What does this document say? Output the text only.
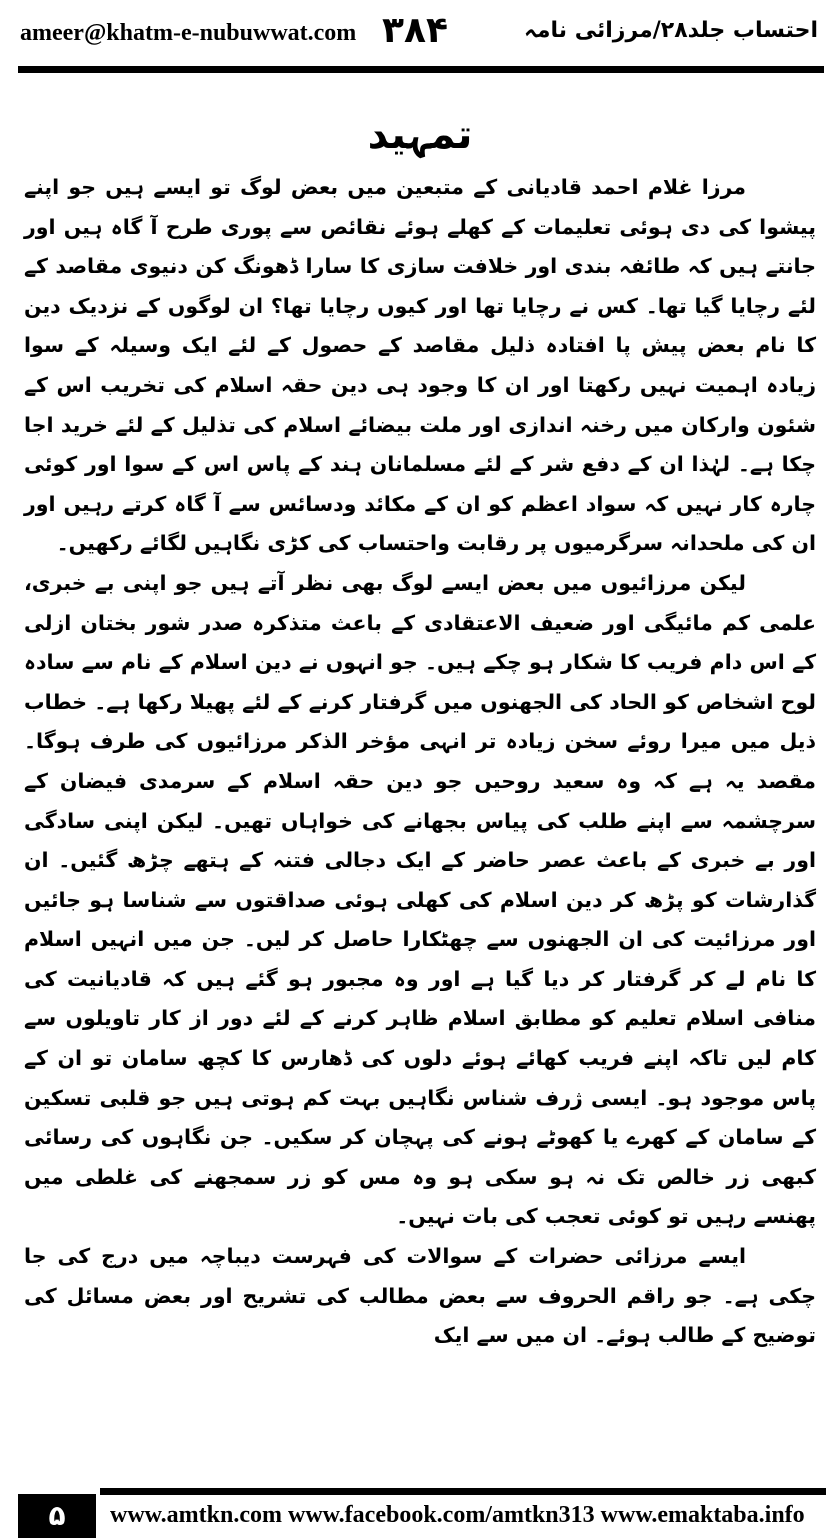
ameer@khatm-e-nubuwwat.com ۳۸۴	احتساب جلد۲۸/مرزائی نامہ
تمہید

مرزا غلام احمد قادیانی کے متبعین میں بعض لوگ تو ایسے ہیں جو اپنے پیشوا کی دی ہوئی تعلیمات کے کھلے ہوئے نقائص سے پوری طرح آ گاہ ہیں اور جانتے ہیں کہ طائفہ بندی اور خلافت سازی کا سارا ڈھونگ کن دنیوی مقاصد کے لئے رچایا گیا تھا۔ کس نے رچایا تھا اور کیوں رچایا تھا؟ ان لوگوں کے نزدیک دین کا نام بعض پیش پا افتادہ ذلیل مقاصد کے حصول کے لئے ایک وسیلہ کے سوا زیادہ اہمیت نہیں رکھتا اور ان کا وجود ہی دین حقہ اسلام کی تخریب اس کے شئون وارکان میں رخنہ اندازی اور ملت بیضائے اسلام کی تذلیل کے لئے خرید اجا چکا ہے۔ لہٰذا ان کے دفع شر کے لئے مسلمانان ہند کے پاس اس کے سوا اور کوئی چارہ کار نہیں کہ سواد اعظم کو ان کے مکائد ودسائس سے آ گاہ کرتے رہیں اور ان کی ملحدانہ سرگرمیوں پر رقابت واحتساب کی کڑی نگاہیں لگائے رکھیں۔

لیکن مرزائیوں میں بعض ایسے لوگ بھی نظر آتے ہیں جو اپنی بے خبری، علمی کم مائیگی اور ضعیف الاعتقادی کے باعث متذکرہ صدر شور بختان ازلی کے اس دام فریب کا شکار ہو چکے ہیں۔ جو انہوں نے دین اسلام کے نام سے سادہ لوح اشخاص کو الحاد کی الجھنوں میں گرفتار کرنے کے لئے پھیلا رکھا ہے۔ خطاب ذیل میں میرا روئے سخن زیادہ تر انہی مؤخر الذکر مرزائیوں کی طرف ہوگا۔ مقصد یہ ہے کہ وہ سعید روحیں جو دین حقہ اسلام کے سرمدی فیضان کے سرچشمہ سے اپنے طلب کی پیاس بجھانے کی خواہاں تھیں۔ لیکن اپنی سادگی اور بے خبری کے باعث عصر حاضر کے ایک دجالی فتنہ کے ہتھے چڑھ گئیں۔ ان گذارشات کو پڑھ کر دین اسلام کی کھلی ہوئی صداقتوں سے شناسا ہو جائیں اور مرزائیت کی ان الجھنوں سے چھٹکارا حاصل کر لیں۔ جن میں انہیں اسلام کا نام لے کر گرفتار کر دیا گیا ہے اور وہ مجبور ہو گئے ہیں کہ قادیانیت کی منافی اسلام تعلیم کو مطابق اسلام ظاہر کرنے کے لئے دور از کار تاویلوں سے کام لیں تاکہ اپنے فریب کھائے ہوئے دلوں کی ڈھارس کا کچھ سامان تو ان کے پاس موجود ہو۔ ایسی ژرف شناس نگاہیں بہت کم ہوتی ہیں جو قلبی تسکین کے سامان کے کھرے یا کھوٹے ہونے کی پہچان کر سکیں۔ جن نگاہوں کی رسائی کبھی زر خالص تک نہ ہو سکی ہو وہ مس کو زر سمجھنے کی غلطی میں پھنسے رہیں تو کوئی تعجب کی بات نہیں۔

ایسے مرزائی حضرات کے سوالات کی فہرست دیباچہ میں درج کی جا چکی ہے۔ جو راقم الحروف سے بعض مطالب کی تشریح اور بعض مسائل کی توضیح کے طالب ہوئے۔ ان میں سے ایک

۵	www.amtkn.com www.facebook.com/amtkn313 www.emaktaba.info
